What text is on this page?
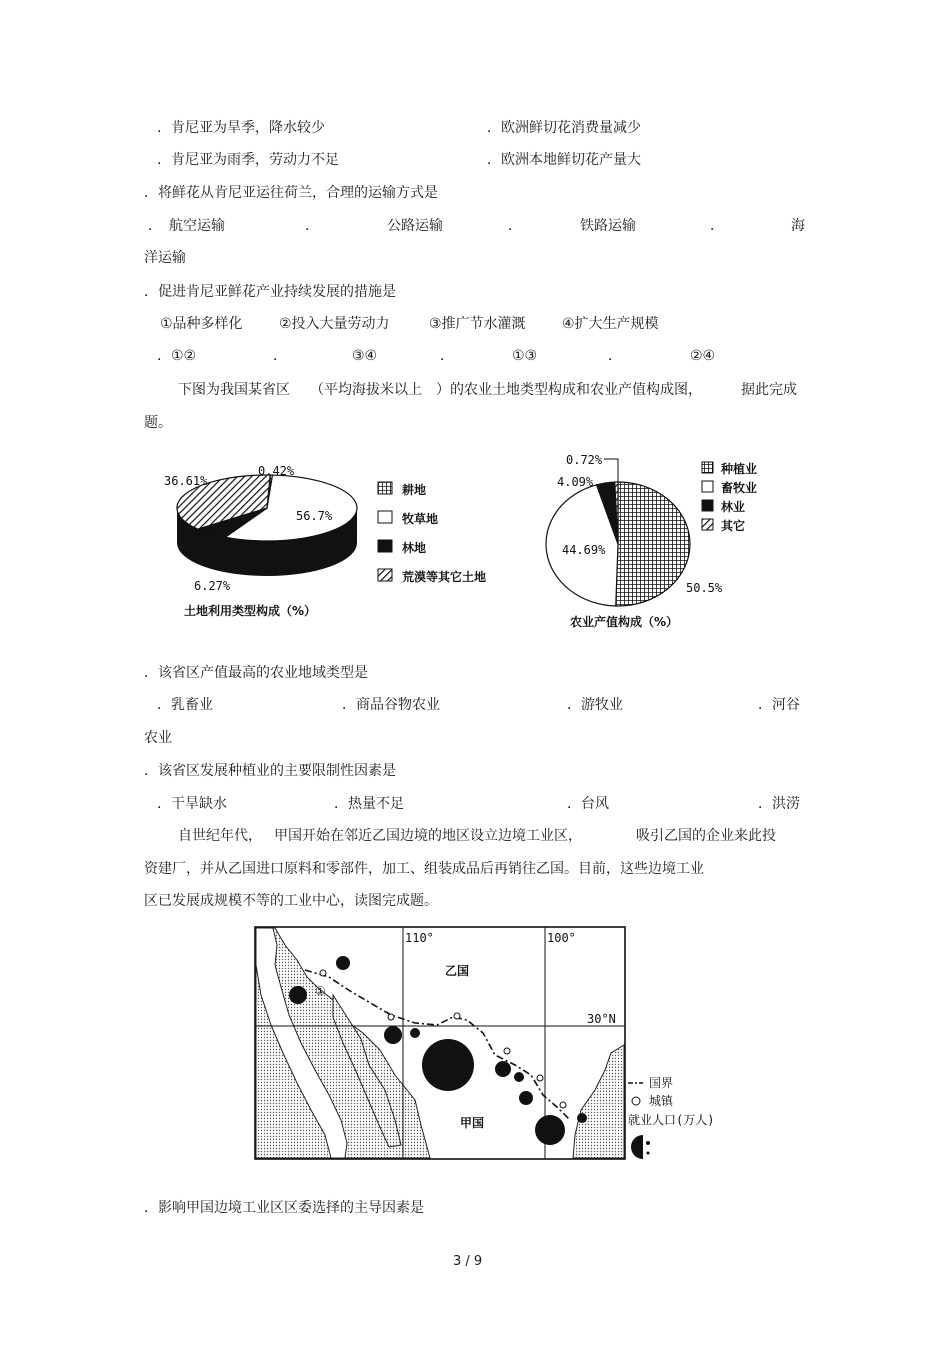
．肯尼亚为旱季，降水较少	．欧洲鲜切花消费量减少
．肯尼亚为雨季，劳动力不足	．欧洲本地鲜切花产量大
．将鲜花从肯尼亚运往荷兰，合理的运输方式是
．　航空运输	．	公路运输	．	铁路运输	．	海
洋运输
．促进肯尼亚鲜花产业持续发展的措施是
①品种多样化	②投入大量劳动力	③推广节水灌溉	④扩大生产规模
．①②	．	③④	．	①③	．	②④
下图为我国某省区 （平均海拔米以上 ）的农业土地类型构成和农业产值构成图，	据此完成
题。
36.61%
0.42%
56.7%
6.27%
耕地
牧草地
林地
荒漠等其它土地
土地利用类型构成（%）
0.72%
4.09%
44.69%
50.5%
种植业
畜牧业
林业
其它
农业产值构成（%）
．该省区产值最高的农业地域类型是
．乳畜业	．商品谷物农业	．游牧业	．河谷
农业
．该省区发展种植业的主要限制性因素是
．干旱缺水	．热量不足	．台风	．洪涝
自世纪年代， 甲国开始在邻近乙国边境的地区设立边境工业区，	吸引乙国的企业来此投
资建厂，并从乙国进口原料和零部件，加工、组装成品后再销往乙国。目前，这些边境工业
区已发展成规模不等的工业中心，读图完成题。
110°	100°
30°N
乙国
甲国
①
国界
城镇
就业人口(万人)
．影响甲国边境工业区区委选择的主导因素是
3 / 9
